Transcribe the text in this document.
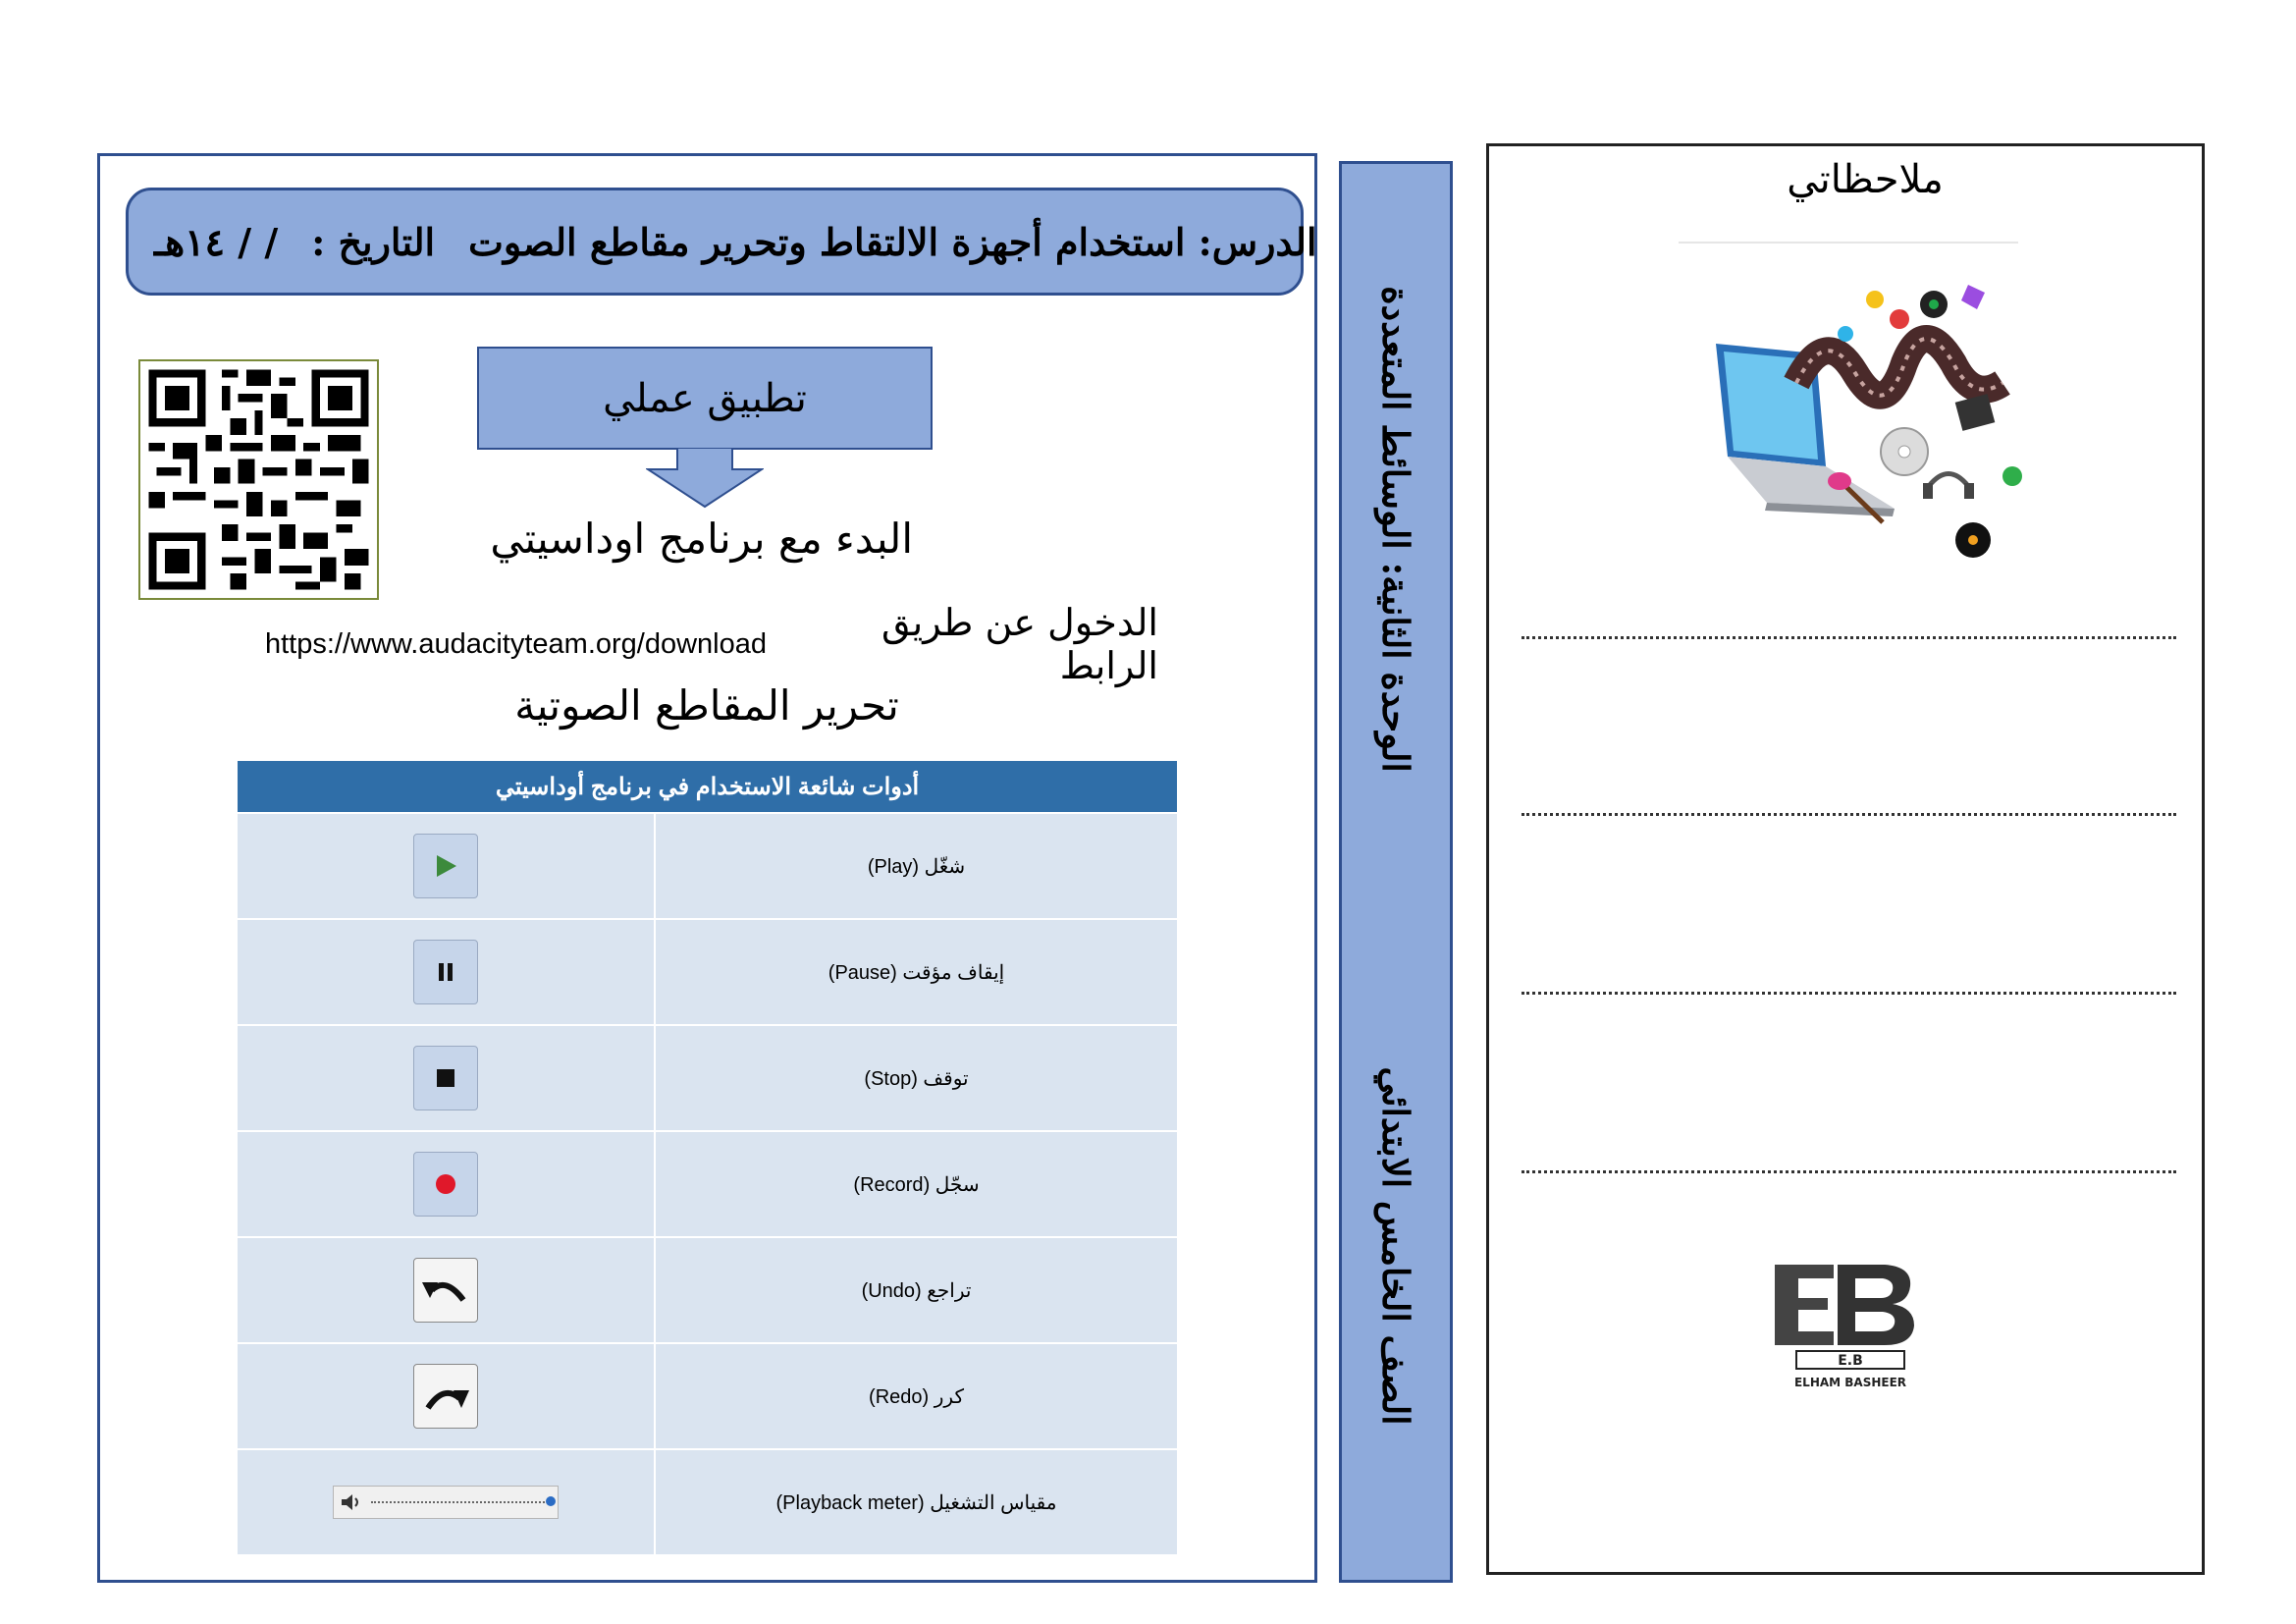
الدرس: استخدام أجهزة الالتقاط وتحرير مقاطع الصوت
التاريخ :
/ / ١٤هـ
تطبيق عملي
البدء مع برنامج اوداسيتي
https://www.audacityteam.org/download	الدخول عن طريق الرابط
تحرير المقاطع الصوتية
أدوات شائعة الاستخدام في برنامج أوداسيتي
شغّل (Play)
إيقاف مؤقت (Pause)
توقف (Stop)
سجّل (Record)
تراجع (Undo)
كرر (Redo)
مقياس التشغيل (Playback meter)
الوحدة الثانية: الوسائط المتعددة
الصف الخامس الابتدائي
ملاحظاتي
E.B
ELHAM BASHEER
